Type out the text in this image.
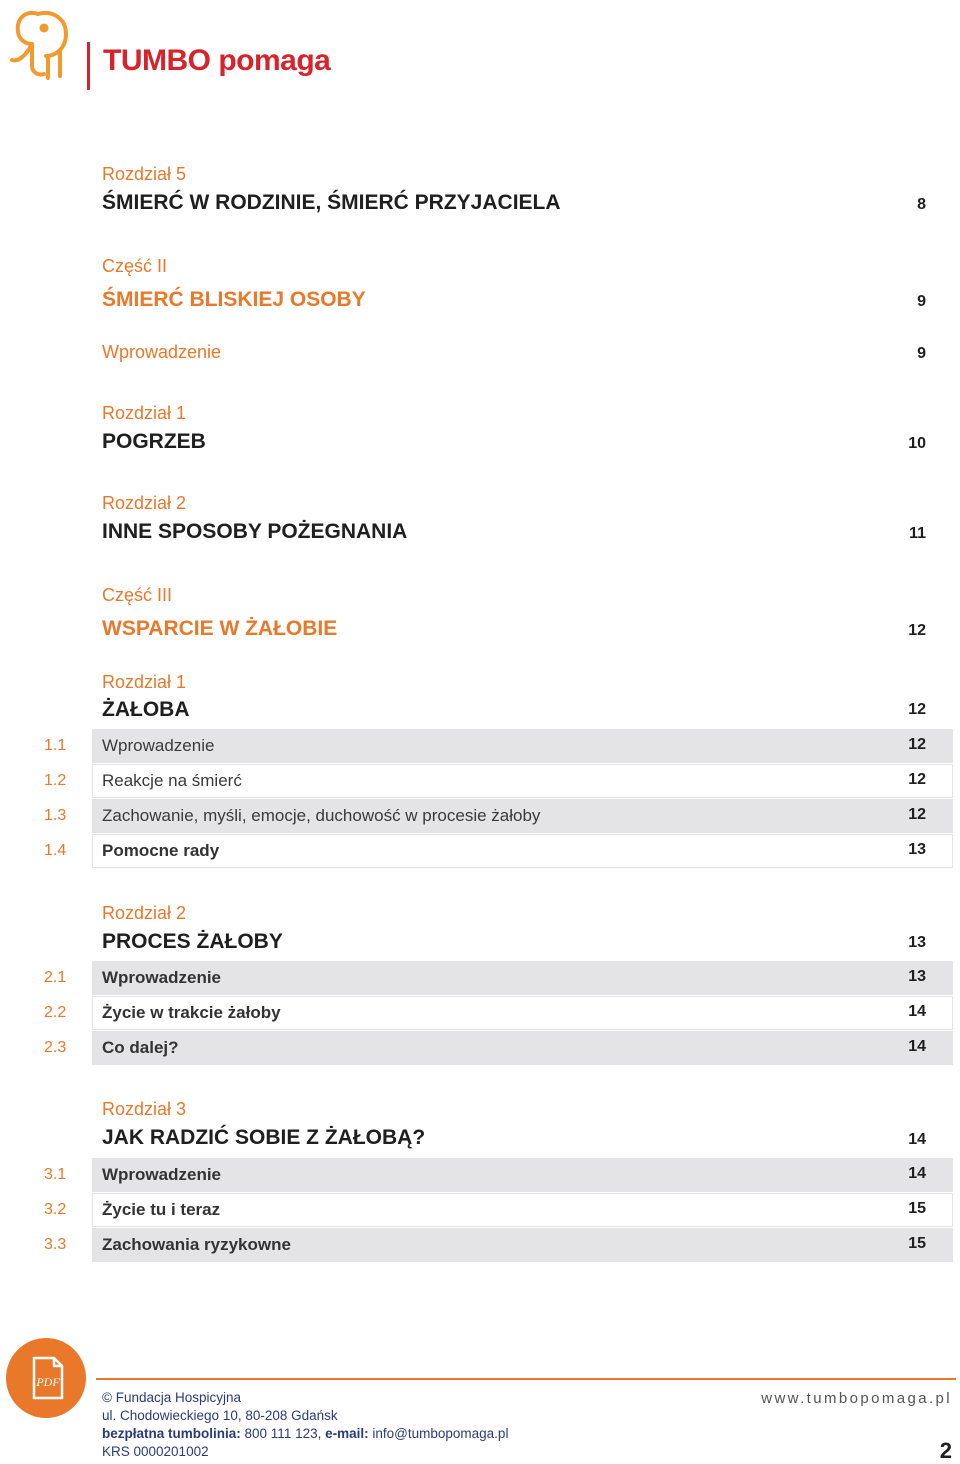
TUMBO pomaga
Rozdział 5
ŚMIERĆ W RODZINIE, ŚMIERĆ PRZYJACIELA	8
Część II
ŚMIERĆ BLISKIEJ OSOBY	9
Wprowadzenie	9
Rozdział 1
POGRZEB	10
Rozdział 2
INNE SPOSOBY POŻEGNANIA	11
Część III
WSPARCIE W ŻAŁOBIE	12
Rozdział 1
ŻAŁOBA	12
1.1 Wprowadzenie	12
1.2 Reakcje na śmierć	12
1.3 Zachowanie, myśli, emocje, duchowość w procesie żałoby	12
1.4 Pomocne rady	13
Rozdział 2
PROCES ŻAŁOBY	13
2.1 Wprowadzenie	13
2.2 Życie w trakcie żałoby	14
2.3 Co dalej?	14
Rozdział 3
JAK RADZIĆ SOBIE Z ŻAŁOBĄ?	14
3.1 Wprowadzenie	14
3.2 Życie tu i teraz	15
3.3 Zachowania ryzykowne	15
PDF
© Fundacja Hospicyjna
ul. Chodowieckiego 10, 80-208 Gdańsk
bezpłatna tumbolinia: 800 111 123, e-mail: info@tumbopomaga.pl
KRS 0000201002
www.tumbopomaga.pl
2
